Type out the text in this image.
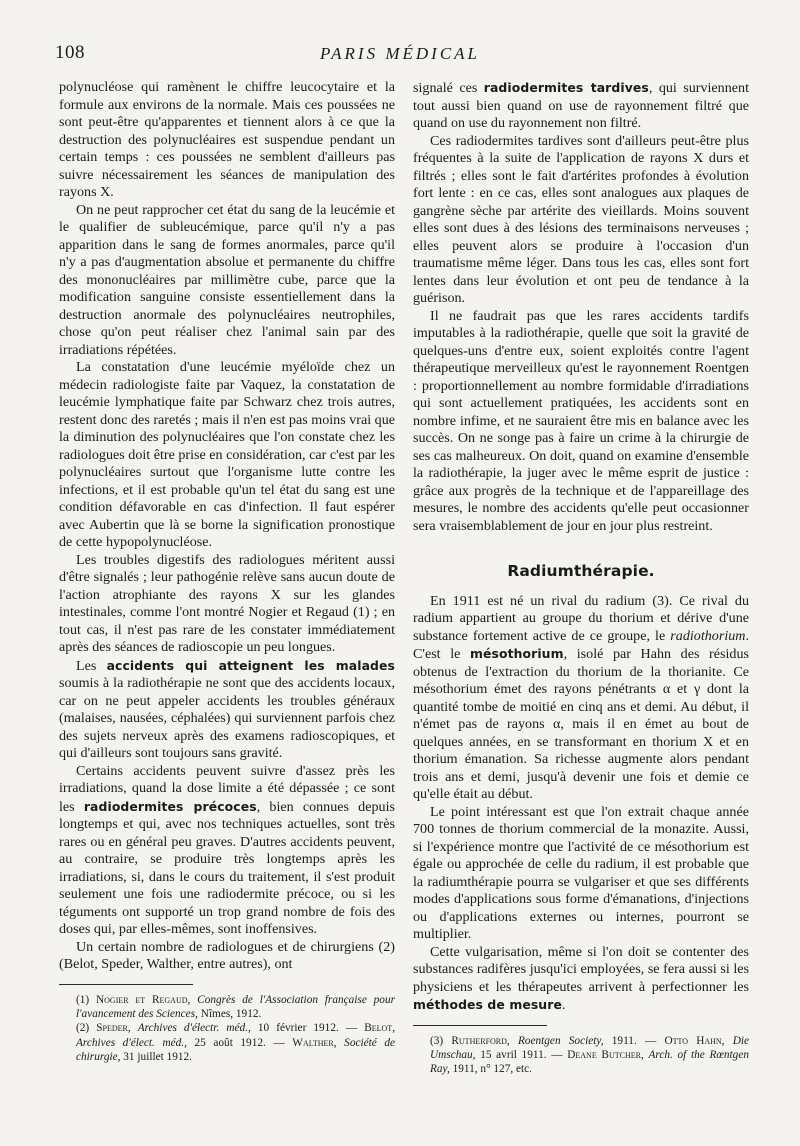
108	PARIS MÉDICAL

polynucléose qui ramènent le chiffre leucocytaire et la formule aux environs de la normale. Mais ces poussées ne sont peut-être qu'apparentes et tiennent alors à ce que la destruction des polynucléaires est suspendue pendant un certain temps : ces poussées ne semblent d'ailleurs pas suivre nécessairement les séances de manipulation des rayons X.

On ne peut rapprocher cet état du sang de la leucémie et le qualifier de subleucémique, parce qu'il n'y a pas apparition dans le sang de formes anormales, parce qu'il n'y a pas d'augmentation absolue et permanente du chiffre des mononucléaires par millimètre cube, parce que la modification sanguine consiste essentiellement dans la destruction anormale des polynucléaires neutrophiles, chose qu'on peut réaliser chez l'animal sain par des irradiations répétées.

La constatation d'une leucémie myéloïde chez un médecin radiologiste faite par Vaquez, la constatation de leucémie lymphatique faite par Schwarz chez trois autres, restent donc des raretés ; mais il n'en est pas moins vrai que la diminution des polynucléaires que l'on constate chez les radiologues doit être prise en considération, car c'est par les polynucléaires surtout que l'organisme lutte contre les infections, et il est probable qu'un tel état du sang est une condition défavorable en cas d'infection. Il faut espérer avec Aubertin que là se borne la signification pronostique de cette hypopolynucléose.

Les troubles digestifs des radiologues méritent aussi d'être signalés ; leur pathogénie relève sans aucun doute de l'action atrophiante des rayons X sur les glandes intestinales, comme l'ont montré Nogier et Regaud (1) ; en tout cas, il n'est pas rare de les constater immédiatement après des séances de radioscopie un peu longues.

Les accidents qui atteignent les malades soumis à la radiothérapie ne sont que des accidents locaux, car on ne peut appeler accidents les troubles généraux (malaises, nausées, céphalées) qui surviennent parfois chez des sujets nerveux après des examens radioscopiques, et qui d'ailleurs sont toujours sans gravité.

Certains accidents peuvent suivre d'assez près les irradiations, quand la dose limite a été dépassée ; ce sont les radiodermites précoces, bien connues depuis longtemps et qui, avec nos techniques actuelles, sont très rares ou en général peu graves. D'autres accidents peuvent, au contraire, se produire très longtemps après les irradiations, si, dans le cours du traitement, il s'est produit seulement une fois une radiodermite précoce, ou si les téguments ont supporté un trop grand nombre de fois des doses qui, par elles-mêmes, sont inoffensives.

Un certain nombre de radiologues et de chirurgiens (2) (Belot, Speder, Walther, entre autres), ont

(1) Nogier et Regaud, Congrès de l'Association française pour l'avancement des Sciences, Nîmes, 1912.

(2) Speder, Archives d'électr. méd., 10 février 1912. — Belot, Archives d'élect. méd., 25 août 1912. — Walther, Société de chirurgie, 31 juillet 1912.

signalé ces radiodermites tardives, qui surviennent tout aussi bien quand on use de rayonnement filtré que quand on use du rayonnement non filtré.

Ces radiodermites tardives sont d'ailleurs peut-être plus fréquentes à la suite de l'application de rayons X durs et filtrés ; elles sont le fait d'artérites profondes à évolution fort lente : en ce cas, elles sont analogues aux plaques de gangrène sèche par artérite des vieillards. Moins souvent elles sont dues à des lésions des terminaisons nerveuses ; elles peuvent alors se produire à l'occasion d'un traumatisme même léger. Dans tous les cas, elles sont fort lentes dans leur évolution et ont peu de tendance à la guérison.

Il ne faudrait pas que les rares accidents tardifs imputables à la radiothérapie, quelle que soit la gravité de quelques-uns d'entre eux, soient exploités contre l'agent thérapeutique merveilleux qu'est le rayonnement Roentgen : proportionnellement au nombre formidable d'irradiations qui sont actuellement pratiquées, les accidents sont en nombre infime, et ne sauraient être mis en balance avec les succès. On ne songe pas à faire un crime à la chirurgie de ses cas malheureux. On doit, quand on examine d'ensemble la radiothérapie, la juger avec le même esprit de justice : grâce aux progrès de la technique et de l'appareillage des mesures, le nombre des accidents qu'elle peut occasionner sera vraisemblablement de jour en jour plus restreint.

Radiumthérapie.

En 1911 est né un rival du radium (3). Ce rival du radium appartient au groupe du thorium et dérive d'une substance fortement active de ce groupe, le radiothorium. C'est le mésothorium, isolé par Hahn des résidus obtenus de l'extraction du thorium de la thorianite. Ce mésothorium émet des rayons pénétrants α et γ dont la quantité tombe de moitié en cinq ans et demi. Au début, il n'émet pas de rayons α, mais il en émet au bout de quelques années, en se transformant en thorium X et en thorium émanation. Sa richesse augmente alors pendant trois ans et demi, jusqu'à devenir une fois et demie ce qu'elle était au début.

Le point intéressant est que l'on extrait chaque année 700 tonnes de thorium commercial de la monazite. Aussi, si l'expérience montre que l'activité de ce mésothorium est égale ou approchée de celle du radium, il est probable que la radiumthérapie pourra se vulgariser et que ses différents modes d'applications sous forme d'émanations, d'injections ou d'applications externes ou internes, pourront se multiplier.

Cette vulgarisation, même si l'on doit se contenter des substances radifères jusqu'ici employées, se fera aussi si les physiciens et les thérapeutes arrivent à perfectionner les méthodes de mesure.

(3) Rutherford, Roentgen Society, 1911. — Otto Hahn, Die Umschau, 15 avril 1911. — Deane Butcher, Arch. of the Rœntgen Ray, 1911, n° 127, etc.
